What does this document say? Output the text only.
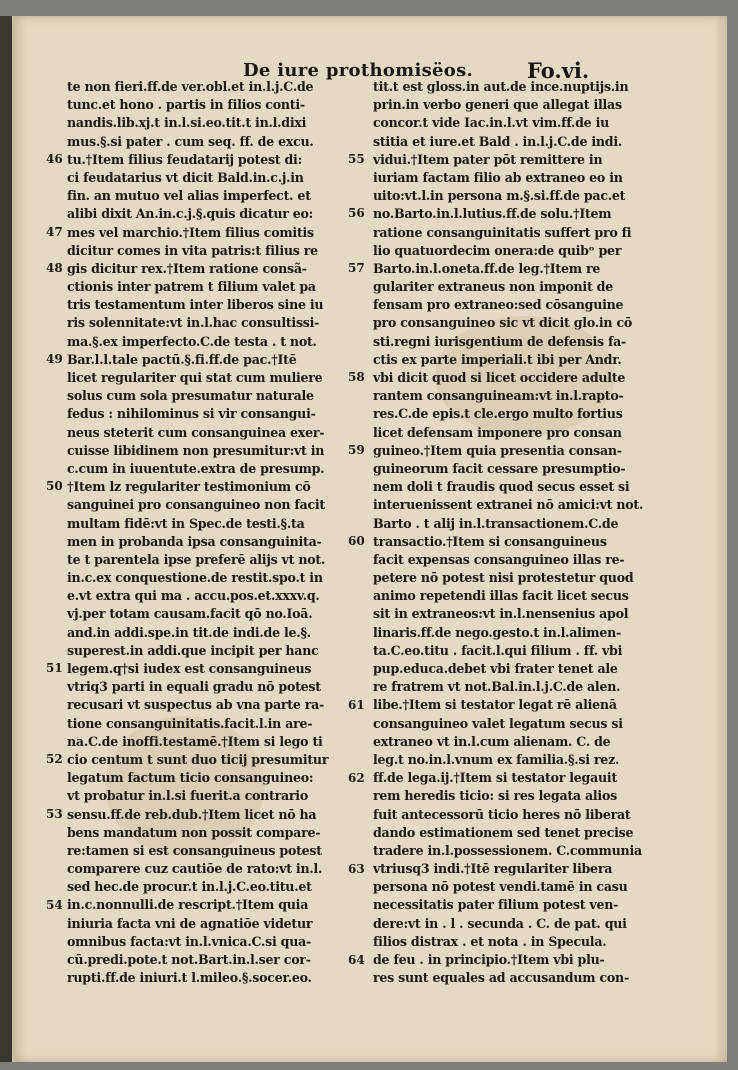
De iure protho​misëos.	Fo.vi.
te non fieri.ff.de ver.obl.et in.l.j.C.de
tunc.et hono . partis in filios conti-
nandis.lib.xj.t in.l.si.eo.tit.t in.l.dixi
mus.§.si pater . cum seq. ff. de excu.
tu.†Item filius feudatarij potest di:
ci feudatarius vt dicit Bald.in.c.j.in
fin. an mutuo vel alias imperfect. et
alibi dixit An.in.c.j.§.quis dicatur eo:
mes vel marchio.†Item filius comitis
dicitur comes in vita patris:t filius re
gis dicitur rex.†Item ratione consã-
ctionis inter patrem t filium valet pa
tris testamentum inter liberos sine iu
ris solennitate:vt in.l.hac consultissi-
ma.§.ex imperfecto.C.de testa . t not.
Bar.l.l.tale pactū.§.fi.ff.de pac.†Itē
licet regulariter qui stat cum muliere
solus cum sola presumatur naturale
fedus : nihilominus si vir consangui-
neus steterit cum consanguinea exer-
cuisse libidinem non presumitur:vt in
c.cum in iuuentute.extra de presump.
†Item lz regulariter testimonium cō
sanguinei pro consanguineo non facit
multam fidē:vt in Spec.de testi.§.ta
men in probanda ipsa consanguinita-
te t parentela ipse preferē alijs vt not.
in.c.ex conquestione.de restit.spo.t in
e.vt extra qui ma . accu.pos.et.xxxv.q.
vj.per totam causam.facit qō no.Ioā.
and.in addi.spe.in tit.de indi.de le.§.
superest.in addi.que incipit per hanc
legem.q†si iudex est consanguineus
vtriq3 parti in equali gradu nō potest
recusari vt suspectus ab vna parte ra-
tione consanguinitatis.facit.l.in are-
na.C.de inoffi.testamē.†Item si lego ti
cio centum t sunt duo ticij presumitur
legatum factum ticio consanguineo:
vt probatur in.l.si fuerit.a contrario
sensu.ff.de reb.dub.†Item licet nō ha
bens mandatum non possit compare-
re:tamen si est consanguineus potest
comparere cuz cautiōe de rato:vt in.l.
sed hec.de procur.t in.l.j.C.eo.titu.et
in.c.nonnulli.de rescript.†Item quia
iniuria facta vni de agnatiōe videtur
omnibus facta:vt in.l.vnica.C.si qua-
cū.predi.pote.t not.Bart.in.l.ser cor-
rupti.ff.de iniuri.t l.mileo.§.socer.eo.
tit.t est gloss.in aut.de ince.nuptijs.in
prin.in verbo generi que allegat illas
concor.t vide Iac.in.l.vt vim.ff.de iu
stitia et iure.et Bald . in.l.j.C.de indi.
vidui.†Item pater pōt remittere in
iuriam factam filio ab extraneo eo in
uito:vt.l.in persona m.§.si.ff.de pac.et
no.Barto.in.l.lutius.ff.de solu.†Item
ratione consanguinitatis suffert pro fi
lio quatuordecim onera:de quibᵒ per
Barto.in.l.oneta.ff.de leg.†Item re
gulariter extraneus non imponit de
fensam pro extraneo:sed cōsanguine
pro consanguineo sic vt dicit glo.in cō
sti.regni iurisgentium de defensis fa-
ctis ex parte imperiali.t ibi per Andr.
vbi dicit quod si licet occidere adulte
rantem consanguineam:vt in.l.rapto-
res.C.de epis.t cle.ergo multo fortius
licet defensam imponere pro consan
guineo.†Item quia presentia consan-
guineorum facit cessare presumptio-
nem doli t fraudis quod secus esset si
interuenissent extranei nō amici:vt not.
Barto . t alij in.l.transactionem.C.de
transactio.†Item si consanguineus
facit expensas consanguineo illas re-
petere nō potest nisi protestetur quod
animo repetendi illas facit licet secus
sit in extraneos:vt in.l.nensenius apol
linaris.ff.de nego.gesto.t in.l.alimen-
ta.C.eo.titu . facit.l.qui filium . ff. vbi
pup.educa.debet vbi frater tenet ale
re fratrem vt not.Bal.in.l.j.C.de alen.
libe.†Item si testator legat rē alienā
consanguineo valet legatum secus si
extraneo vt in.l.cum alienam. C. de
leg.t no.in.l.vnum ex familia.§.si rez.
ff.de lega.ij.†Item si testator legauit
rem heredis ticio: si res legata alios
fuit antecessorū ticio heres nō liberat
dando estimationem sed tenet precise
tradere in.l.possessionem. C.communia
vtriusq3 indi.†Itē regulariter libera
persona nō potest vendi.tamē in casu
necessitatis pater filium potest ven-
dere:vt in . l . secunda . C. de pat. qui
filios distrax . et nota . in Specula.
de feu . in principio.†Item vbi plu-
res sunt equales ad accusandum con-
46
47
48
49
50
51
52
53
54
55
56
57
58
59
60
61
62
63
64
